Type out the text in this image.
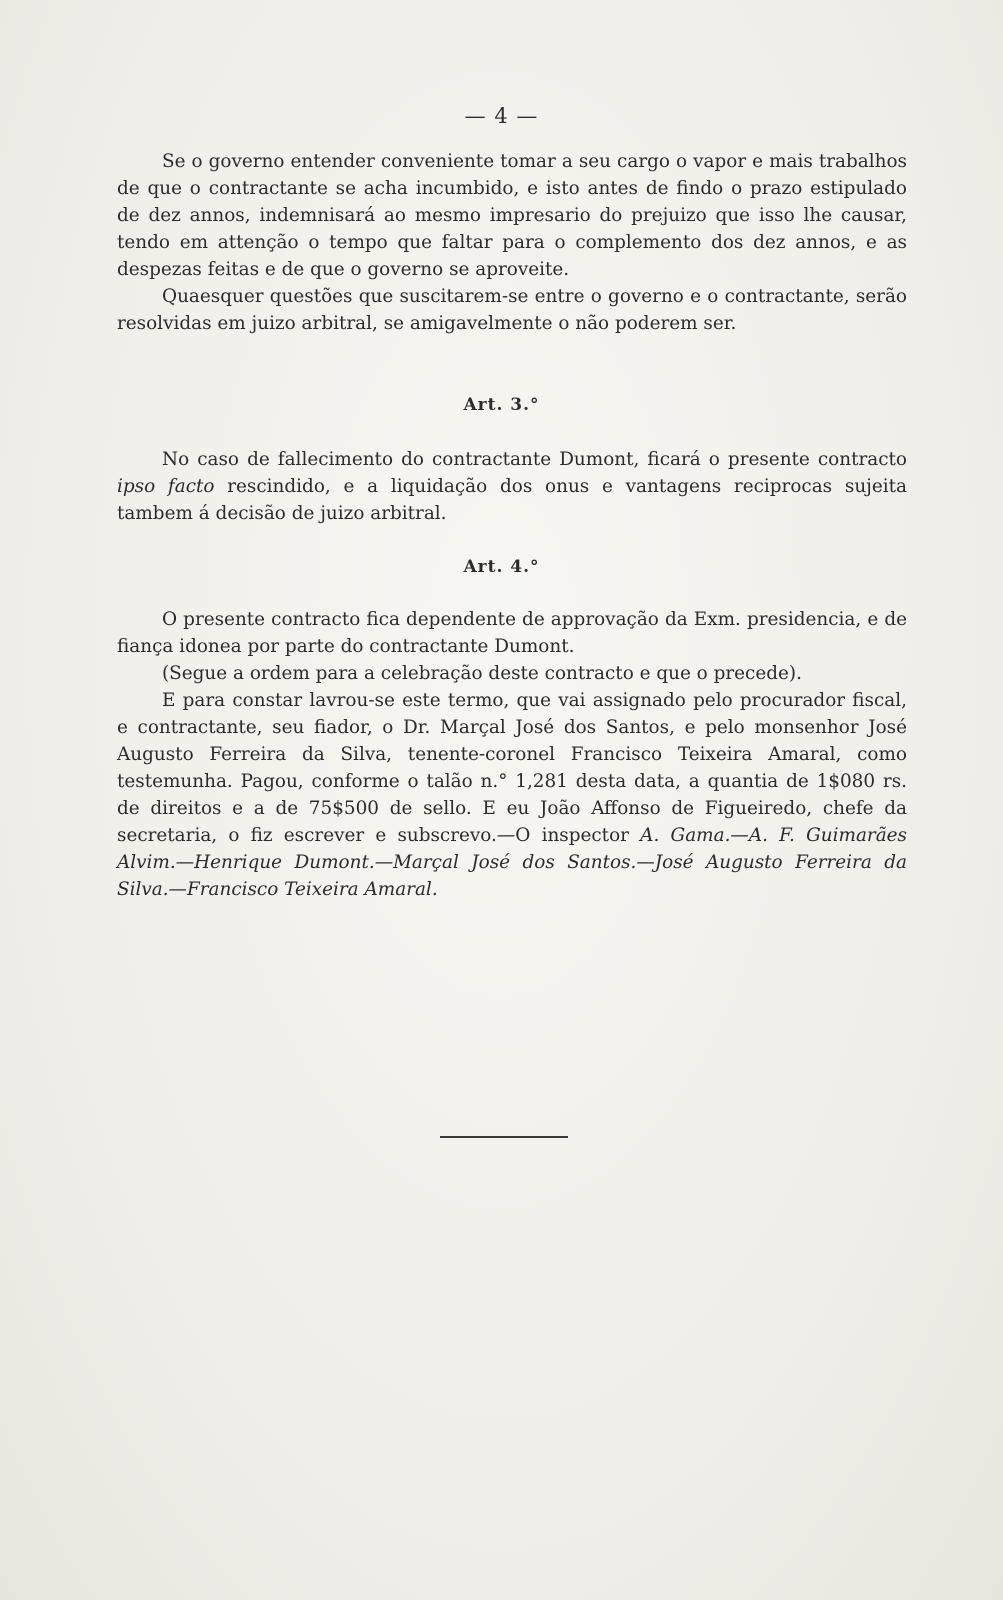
— 4 —

Se o governo entender conveniente tomar a seu cargo o vapor e mais trabalhos de que o contractante se acha incumbido, e isto antes de findo o prazo estipulado de dez annos, indemnisará ao mesmo impresario do prejuizo que isso lhe causar, tendo em attenção o tempo que faltar para o complemento dos dez annos, e as despezas feitas e de que o governo se aproveite.

Quaesquer questões que suscitarem-se entre o governo e o contractante, serão resolvidas em juizo arbitral, se amigavelmente o não poderem ser.

Art. 3.°

No caso de fallecimento do contractante Dumont, ficará o presente contracto ipso facto rescindido, e a liquidação dos onus e vantagens reciprocas sujeita tambem á decisão de juizo arbitral.

Art. 4.°

O presente contracto fica dependente de approvação da Exm. presidencia, e de fiança idonea por parte do contractante Dumont.

(Segue a ordem para a celebração deste contracto e que o precede).

E para constar lavrou-se este termo, que vai assignado pelo procurador fiscal, e contractante, seu fiador, o Dr. Marçal José dos Santos, e pelo monsenhor José Augusto Ferreira da Silva, tenente-coronel Francisco Teixeira Amaral, como testemunha. Pagou, conforme o talão n.° 1,281 desta data, a quantia de 1$080 rs. de direitos e a de 75$500 de sello. E eu João Affonso de Figueiredo, chefe da secretaria, o fiz escrever e subscrevo.—O inspector A. Gama.—A. F. Guimarães Alvim.—Henrique Dumont.—Marçal José dos Santos.—José Augusto Ferreira da Silva.—Francisco Teixeira Amaral.
